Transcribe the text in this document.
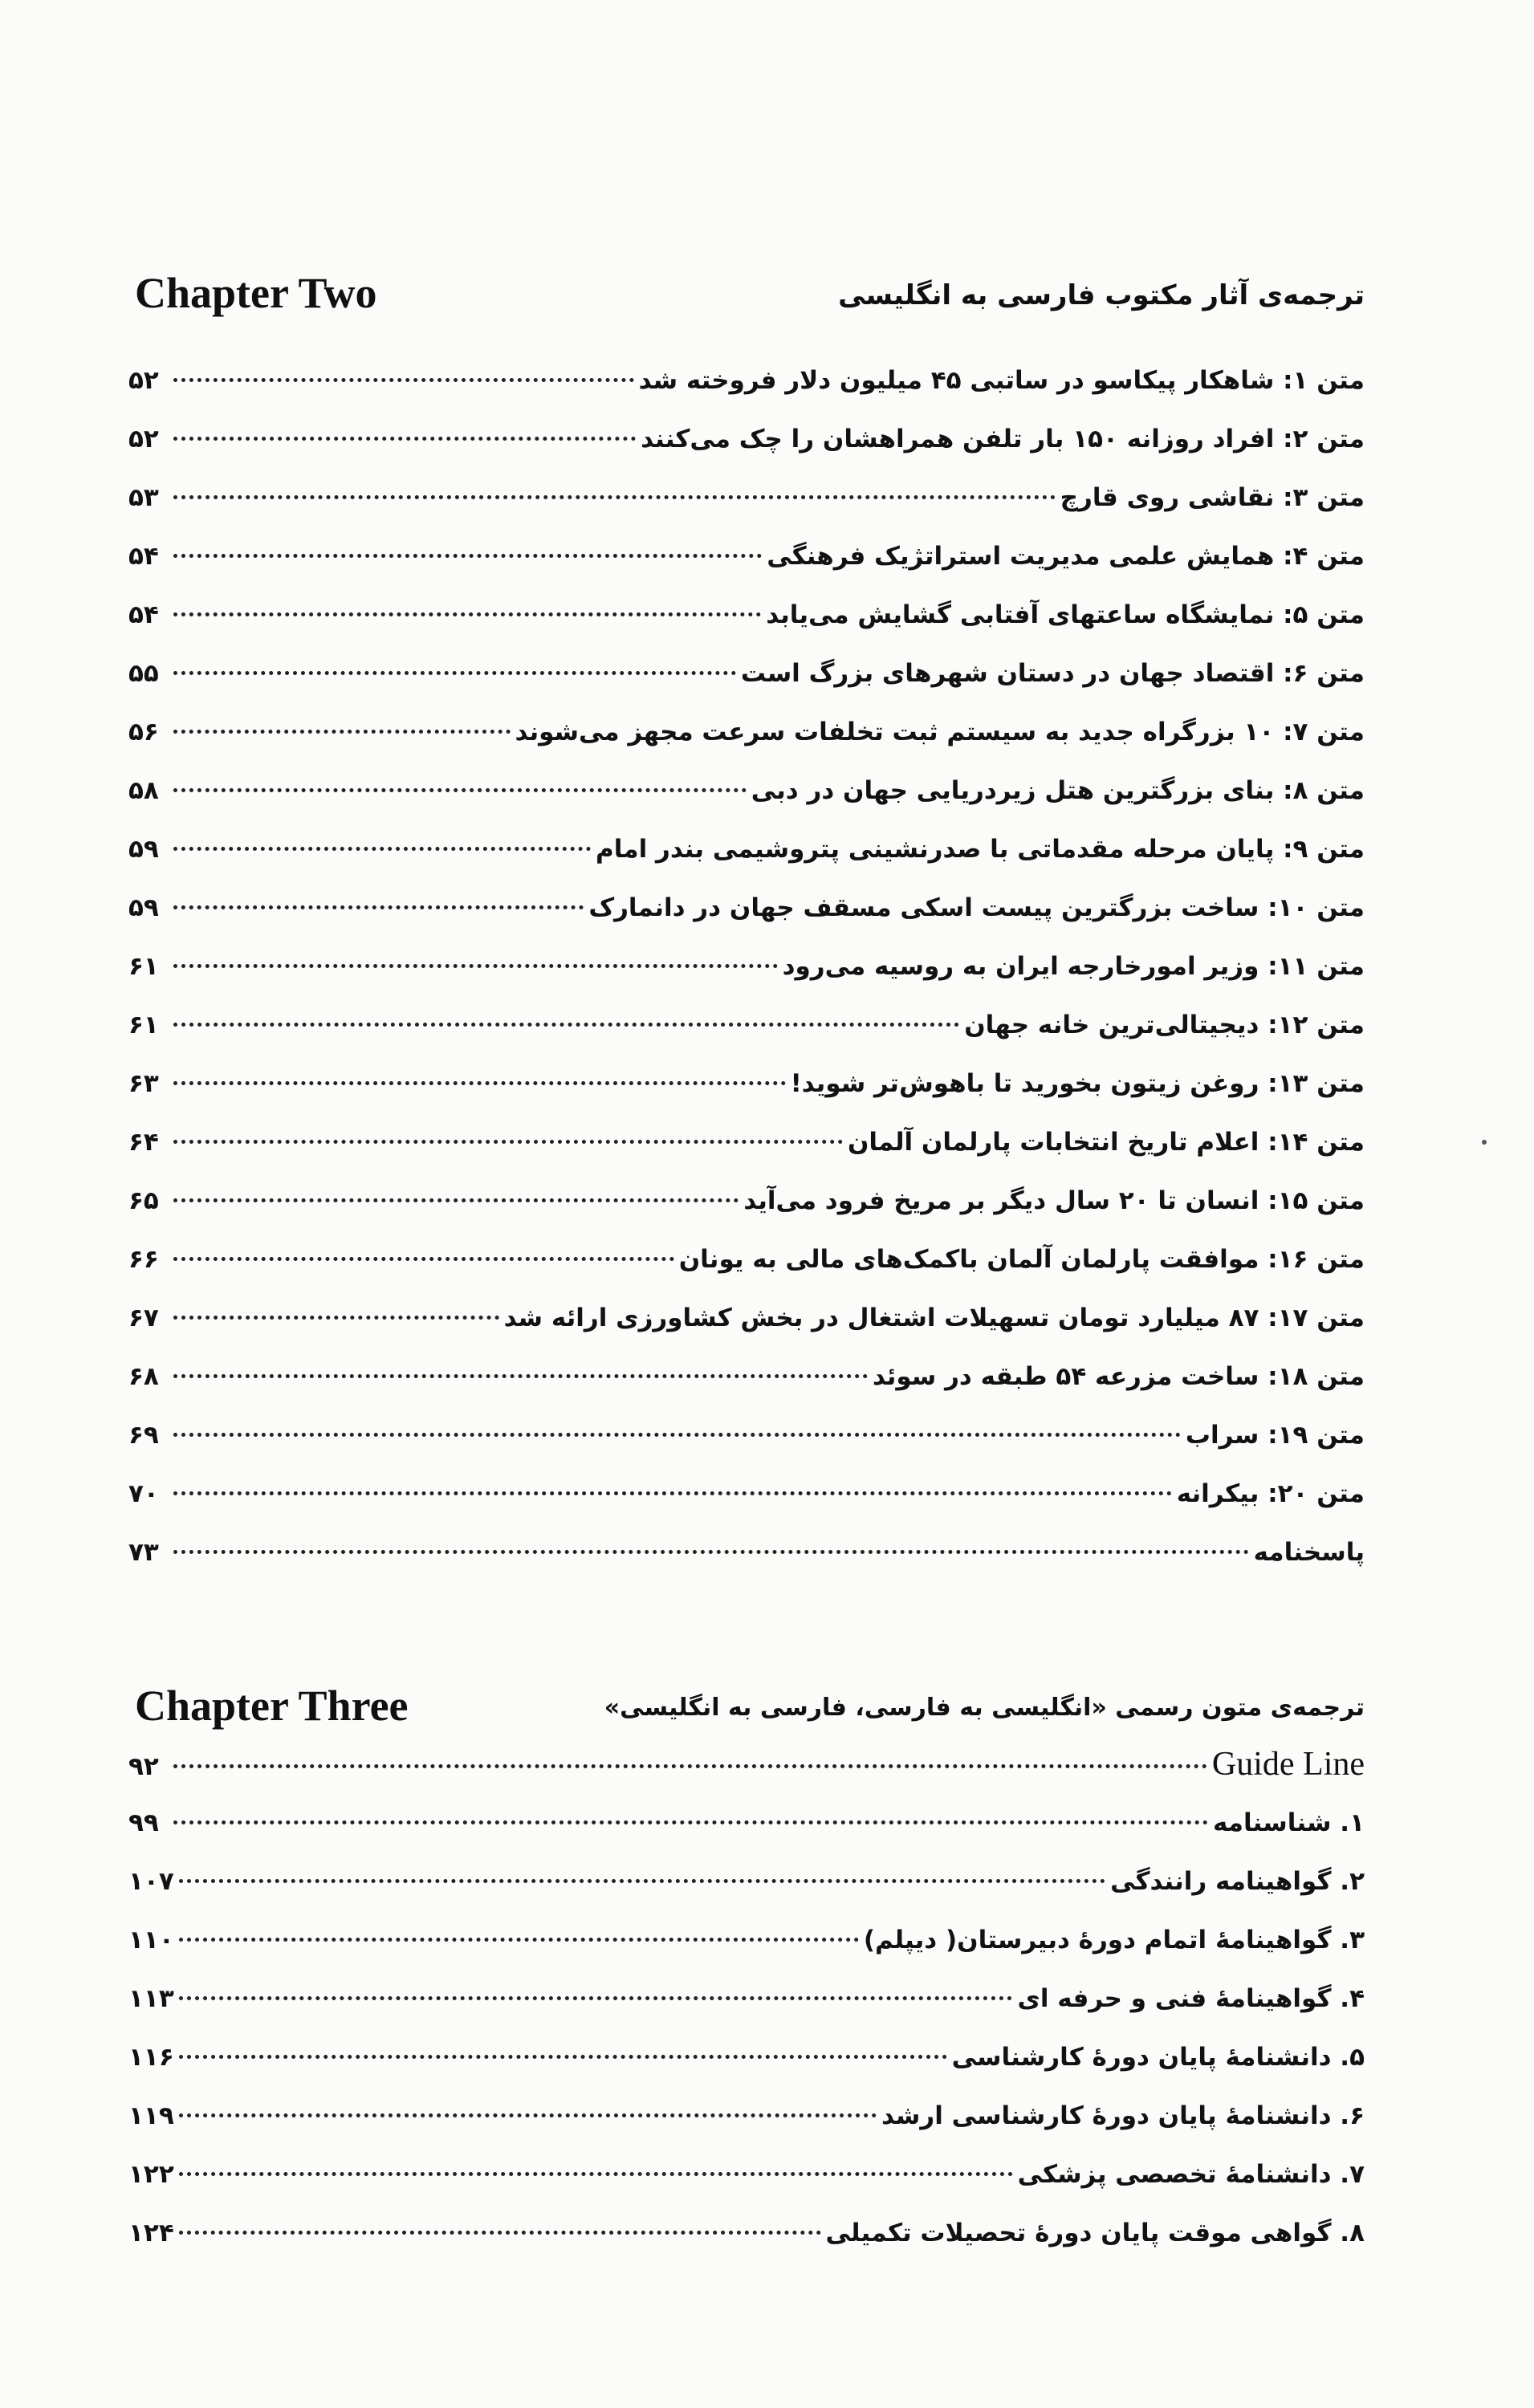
Chapter Two	ترجمه‌ی آثار مکتوب فارسی به انگلیسی
متن ۱: شاهکار پیکاسو در ساتبی ۴۵ میلیون دلار فروخته شد
۵۲
متن ۲: افراد روزانه ۱۵۰ بار تلفن همراهشان را چک می‌کنند
۵۲
متن ۳: نقاشی روی قارچ
۵۳
متن ۴: همایش علمی مدیریت استراتژیک فرهنگی
۵۴
متن ۵: نمایشگاه ساعتهای آفتابی گشایش می‌یابد
۵۴
متن ۶: اقتصاد جهان در دستان شهرهای بزرگ است
۵۵
متن ۷: ۱۰ بزرگراه جدید به سیستم ثبت تخلفات سرعت مجهز می‌شوند
۵۶
متن ۸: بنای بزرگترین هتل زیردریایی جهان در دبی
۵۸
متن ۹: پایان مرحله مقدماتی با صدرنشینی پتروشیمی بندر امام
۵۹
متن ۱۰: ساخت بزرگترین پیست اسکی مسقف جهان در دانمارک
۵۹
متن ۱۱: وزیر امورخارجه ایران به روسیه می‌رود
۶۱
متن ۱۲: دیجیتالی‌ترین خانه جهان
۶۱
متن ۱۳: روغن زیتون بخورید تا باهوش‌تر شوید!
۶۳
متن ۱۴: اعلام تاریخ انتخابات پارلمان آلمان
۶۴
متن ۱۵: انسان تا ۲۰ سال دیگر بر مریخ فرود می‌آید
۶۵
متن ۱۶: موافقت پارلمان آلمان باکمک‌های مالی به یونان
۶۶
متن ۱۷: ۸۷ میلیارد تومان تسهیلات اشتغال در بخش کشاورزی ارائه شد
۶۷
متن ۱۸: ساخت مزرعه ۵۴ طبقه در سوئد
۶۸
متن ۱۹: سراب
۶۹
متن ۲۰: بیکرانه
۷۰
پاسخنامه
۷۳
Chapter Three	ترجمه‌ی متون رسمی «انگلیسی به فارسی، فارسی به انگلیسی»
Guide Line
۹۲
۱. شناسنامه
۹۹
۲. گواهینامه رانندگی
۱۰۷
۳. گواهینامهٔ اتمام دورهٔ دبیرستان( دیپلم)
۱۱۰
۴. گواهینامهٔ فنی و حرفه ای
۱۱۳
۵. دانشنامهٔ پایان دورهٔ کارشناسی
۱۱۶
۶. دانشنامهٔ پایان دورهٔ کارشناسی ارشد
۱۱۹
۷. دانشنامهٔ تخصصی پزشکی
۱۲۲
۸. گواهی موقت پایان دورهٔ تحصیلات تکمیلی
۱۲۴
